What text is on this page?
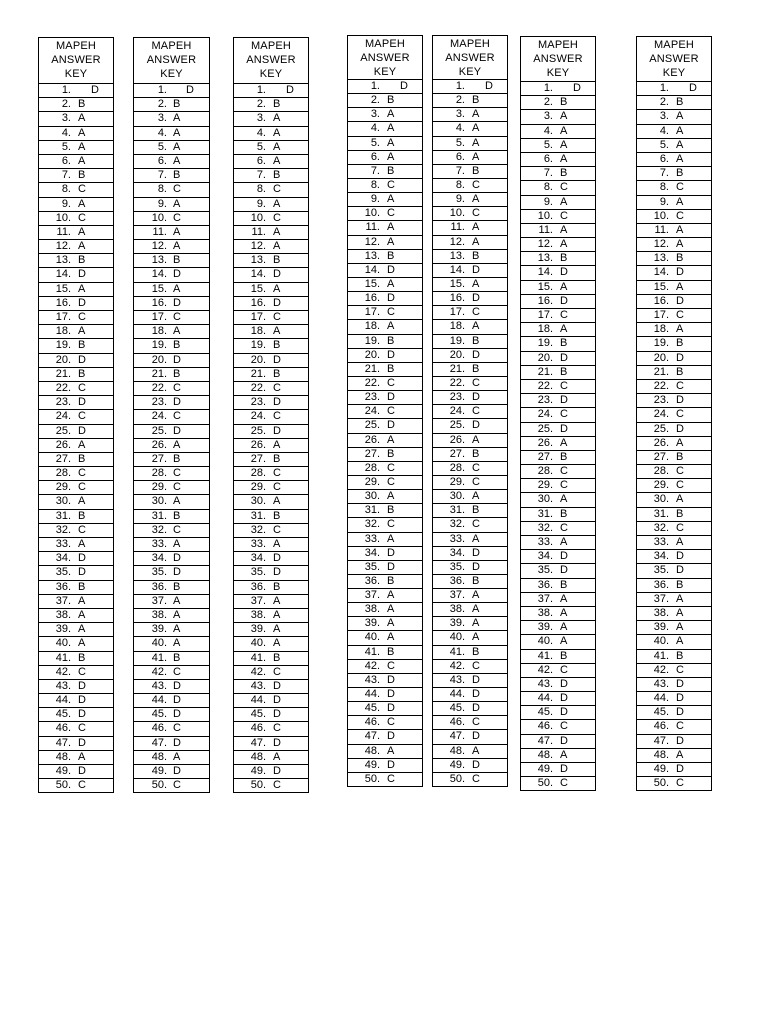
MAPEH
ANSWER
KEY
1. D
2. B
3. A
4. A
5. A
6. A
7. B
8. C
9. A
10. C
11. A
12. A
13. B
14. D
15. A
16. D
17. C
18. A
19. B
20. D
21. B
22. C
23. D
24. C
25. D
26. A
27. B
28. C
29. C
30. A
31. B
32. C
33. A
34. D
35. D
36. B
37. A
38. A
39. A
40. A
41. B
42. C
43. D
44. D
45. D
46. C
47. D
48. A
49. D
50. C
MAPEH
ANSWER
KEY
1. D
2. B
3. A
4. A
5. A
6. A
7. B
8. C
9. A
10. C
11. A
12. A
13. B
14. D
15. A
16. D
17. C
18. A
19. B
20. D
21. B
22. C
23. D
24. C
25. D
26. A
27. B
28. C
29. C
30. A
31. B
32. C
33. A
34. D
35. D
36. B
37. A
38. A
39. A
40. A
41. B
42. C
43. D
44. D
45. D
46. C
47. D
48. A
49. D
50. C
MAPEH
ANSWER
KEY
1. D
2. B
3. A
4. A
5. A
6. A
7. B
8. C
9. A
10. C
11. A
12. A
13. B
14. D
15. A
16. D
17. C
18. A
19. B
20. D
21. B
22. C
23. D
24. C
25. D
26. A
27. B
28. C
29. C
30. A
31. B
32. C
33. A
34. D
35. D
36. B
37. A
38. A
39. A
40. A
41. B
42. C
43. D
44. D
45. D
46. C
47. D
48. A
49. D
50. C
MAPEH
ANSWER
KEY
1. D
2. B
3. A
4. A
5. A
6. A
7. B
8. C
9. A
10. C
11. A
12. A
13. B
14. D
15. A
16. D
17. C
18. A
19. B
20. D
21. B
22. C
23. D
24. C
25. D
26. A
27. B
28. C
29. C
30. A
31. B
32. C
33. A
34. D
35. D
36. B
37. A
38. A
39. A
40. A
41. B
42. C
43. D
44. D
45. D
46. C
47. D
48. A
49. D
50. C
MAPEH
ANSWER
KEY
1. D
2. B
3. A
4. A
5. A
6. A
7. B
8. C
9. A
10. C
11. A
12. A
13. B
14. D
15. A
16. D
17. C
18. A
19. B
20. D
21. B
22. C
23. D
24. C
25. D
26. A
27. B
28. C
29. C
30. A
31. B
32. C
33. A
34. D
35. D
36. B
37. A
38. A
39. A
40. A
41. B
42. C
43. D
44. D
45. D
46. C
47. D
48. A
49. D
50. C
MAPEH
ANSWER
KEY
1. D
2. B
3. A
4. A
5. A
6. A
7. B
8. C
9. A
10. C
11. A
12. A
13. B
14. D
15. A
16. D
17. C
18. A
19. B
20. D
21. B
22. C
23. D
24. C
25. D
26. A
27. B
28. C
29. C
30. A
31. B
32. C
33. A
34. D
35. D
36. B
37. A
38. A
39. A
40. A
41. B
42. C
43. D
44. D
45. D
46. C
47. D
48. A
49. D
50. C
MAPEH
ANSWER
KEY
1. D
2. B
3. A
4. A
5. A
6. A
7. B
8. C
9. A
10. C
11. A
12. A
13. B
14. D
15. A
16. D
17. C
18. A
19. B
20. D
21. B
22. C
23. D
24. C
25. D
26. A
27. B
28. C
29. C
30. A
31. B
32. C
33. A
34. D
35. D
36. B
37. A
38. A
39. A
40. A
41. B
42. C
43. D
44. D
45. D
46. C
47. D
48. A
49. D
50. C
